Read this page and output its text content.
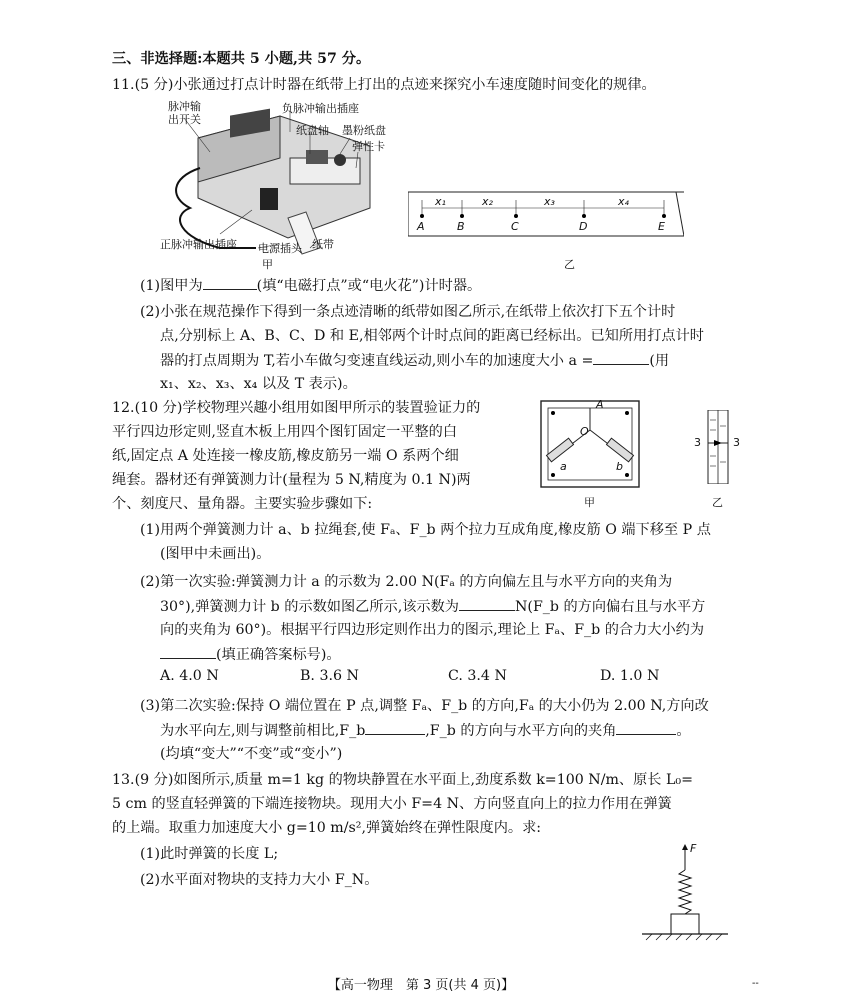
三、非选择题:本题共 5 小题,共 57 分。
11.(5 分)小张通过打点计时器在纸带上打出的点迹来探究小车速度随时间变化的规律。
脉冲输出开关
负脉冲输出插座
纸盘轴 墨粉纸盘
弹性卡
正脉冲输出插座 电源插头 纸带
甲
x₁	x₂	x₃	x₄
A	B	C	D	E
乙
(1)图甲为	(填“电磁打点”或“电火花”)计时器。
(2)小张在规范操作下得到一条点迹清晰的纸带如图乙所示,在纸带上依次打下五个计时
点,分别标上 A、B、C、D 和 E,相邻两个计时点间的距离已经标出。已知所用打点计时
器的打点周期为 T,若小车做匀变速直线运动,则小车的加速度大小 a =	(用
x₁、x₂、x₃、x₄ 以及 T 表示)。
12.(10 分)学校物理兴趣小组用如图甲所示的装置验证力的
平行四边形定则,竖直木板上用四个图钉固定一平整的白
纸,固定点 A 处连接一橡皮筋,橡皮筋另一端 O 系两个细
绳套。器材还有弹簧测力计(量程为 5 N,精度为 0.1 N)两
个、刻度尺、量角器。主要实验步骤如下:
A
O
a	b
甲
3	3
乙
(1)用两个弹簧测力计 a、b 拉绳套,使 Fₐ、F_b 两个拉力互成角度,橡皮筋 O 端下移至 P 点
(图甲中未画出)。
(2)第一次实验:弹簧测力计 a 的示数为 2.00 N(Fₐ 的方向偏左且与水平方向的夹角为
30°),弹簧测力计 b 的示数如图乙所示,该示数为	N(F_b 的方向偏右且与水平方
向的夹角为 60°)。根据平行四边形定则作出力的图示,理论上 Fₐ、F_b 的合力大小约为
(填正确答案标号)。
A. 4.0 N	B. 3.6 N	C. 3.4 N	D. 1.0 N
(3)第二次实验:保持 O 端位置在 P 点,调整 Fₐ、F_b 的方向,Fₐ 的大小仍为 2.00 N,方向改
为水平向左,则与调整前相比,F_b	,F_b 的方向与水平方向的夹角	。
(均填“变大”“不变”或“变小”)
13.(9 分)如图所示,质量 m=1 kg 的物块静置在水平面上,劲度系数 k=100 N/m、原长 L₀=
5 cm 的竖直轻弹簧的下端连接物块。现用大小 F=4 N、方向竖直向上的拉力作用在弹簧
的上端。取重力加速度大小 g=10 m/s²,弹簧始终在弹性限度内。求:
(1)此时弹簧的长度 L;
(2)水平面对物块的支持力大小 F_N。
F
【高一物理　第 3 页(共 4 页)】	--
